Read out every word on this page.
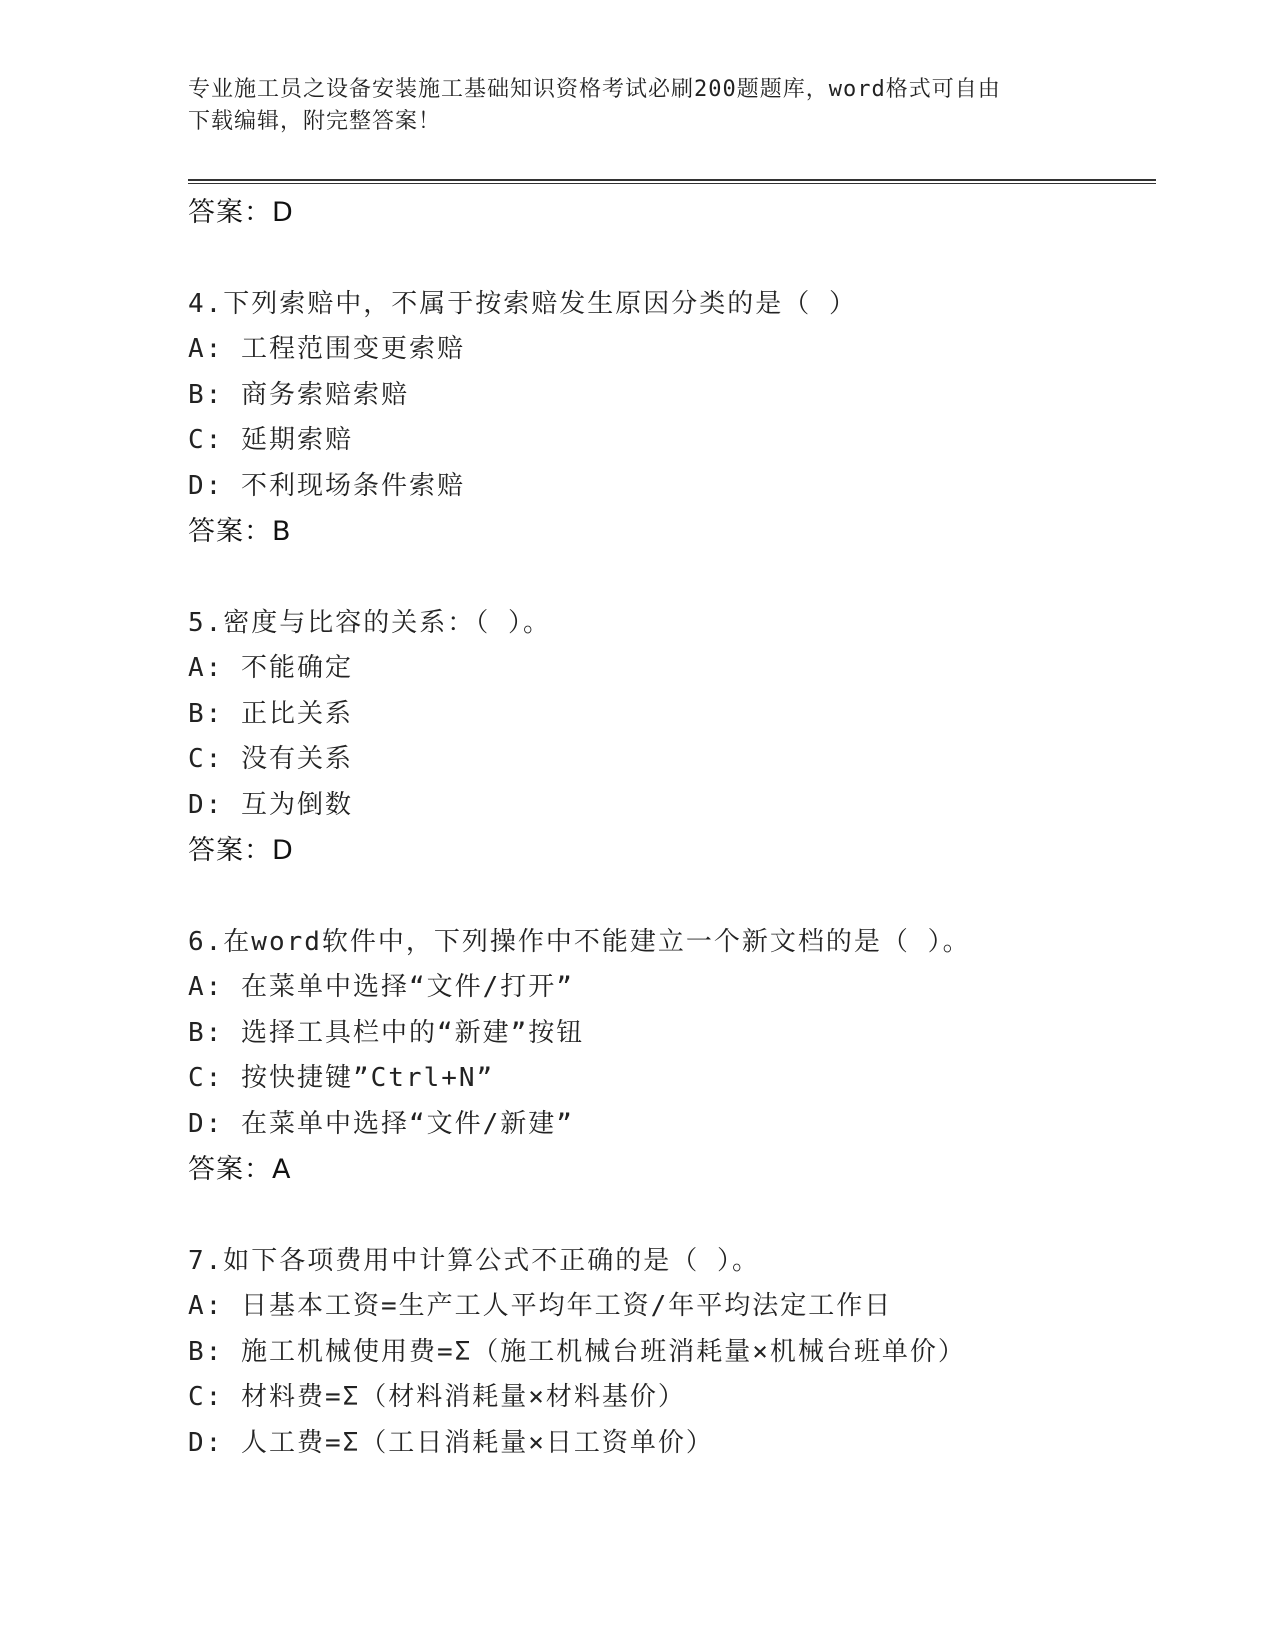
专业施工员之设备安装施工基础知识资格考试必刷200题题库，word格式可自由
下载编辑，附完整答案！
答案：D
4.下列索赔中，不属于按索赔发生原因分类的是（ ）
A: 工程范围变更索赔
B: 商务索赔索赔
C: 延期索赔
D: 不利现场条件索赔
答案：B
5.密度与比容的关系：（ ）。
A: 不能确定
B: 正比关系
C: 没有关系
D: 互为倒数
答案：D
6.在word软件中，下列操作中不能建立一个新文档的是（ ）。
A: 在菜单中选择“文件/打开”
B: 选择工具栏中的“新建”按钮
C: 按快捷键”Ctrl+N”
D: 在菜单中选择“文件/新建”
答案：A
7.如下各项费用中计算公式不正确的是（ ）。
A: 日基本工资=生产工人平均年工资/年平均法定工作日
B: 施工机械使用费=Σ（施工机械台班消耗量×机械台班单价）
C: 材料费=Σ（材料消耗量×材料基价）
D: 人工费=Σ（工日消耗量×日工资单价）
